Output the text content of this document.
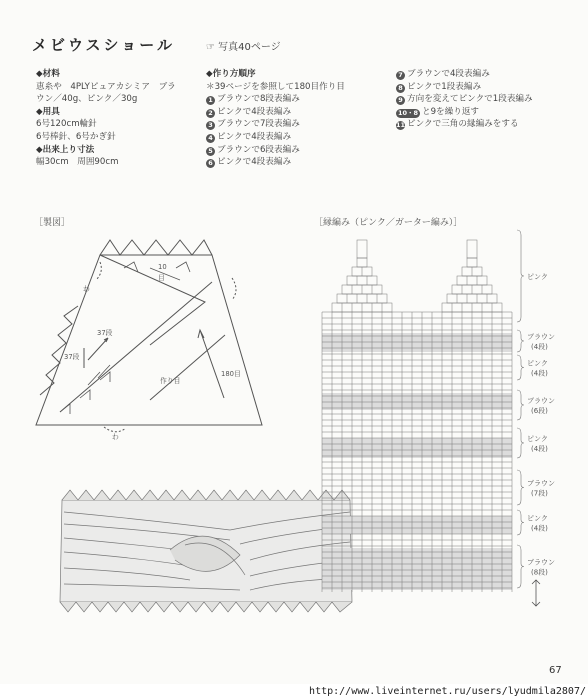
メビウスショール	☞ 写真40ページ
◆材料
恵糸や　4PLYピュアカシミア　ブラ
ウン／40g、ピンク／30g
◆用具
6号120cm輪針
6号棒針、6号かぎ針
◆出来上り寸法
幅30cm　周囲90cm
◆作り方順序
＊39ページを参照して180目作り目
1 ブラウンで8段表編み
2 ピンクで4段表編み
3 ブラウンで7段表編み
4 ピンクで4段表編み
5 ブラウンで6段表編み
6 ピンクで4段表編み
7 ブラウンで4段表編み
8 ピンクで1段表編み
9 方向を変えてピンクで1段表編み
10・8 と9を繰り返す
11 ピンクで三角の縁編みをする
［製図］	［縁編み（ピンク／ガーター編み）］
ピンク
ブラウン
(4段)
ピンク
(4段)
ブラウン
(6段)
ピンク
(4段)
ブラウン
(7段)
ピンク
(4段)
ブラウン
(8段)
10
目
わ
わ
37段
37段
作り目
180目
67
http://www.liveinternet.ru/users/lyudmila2807/
